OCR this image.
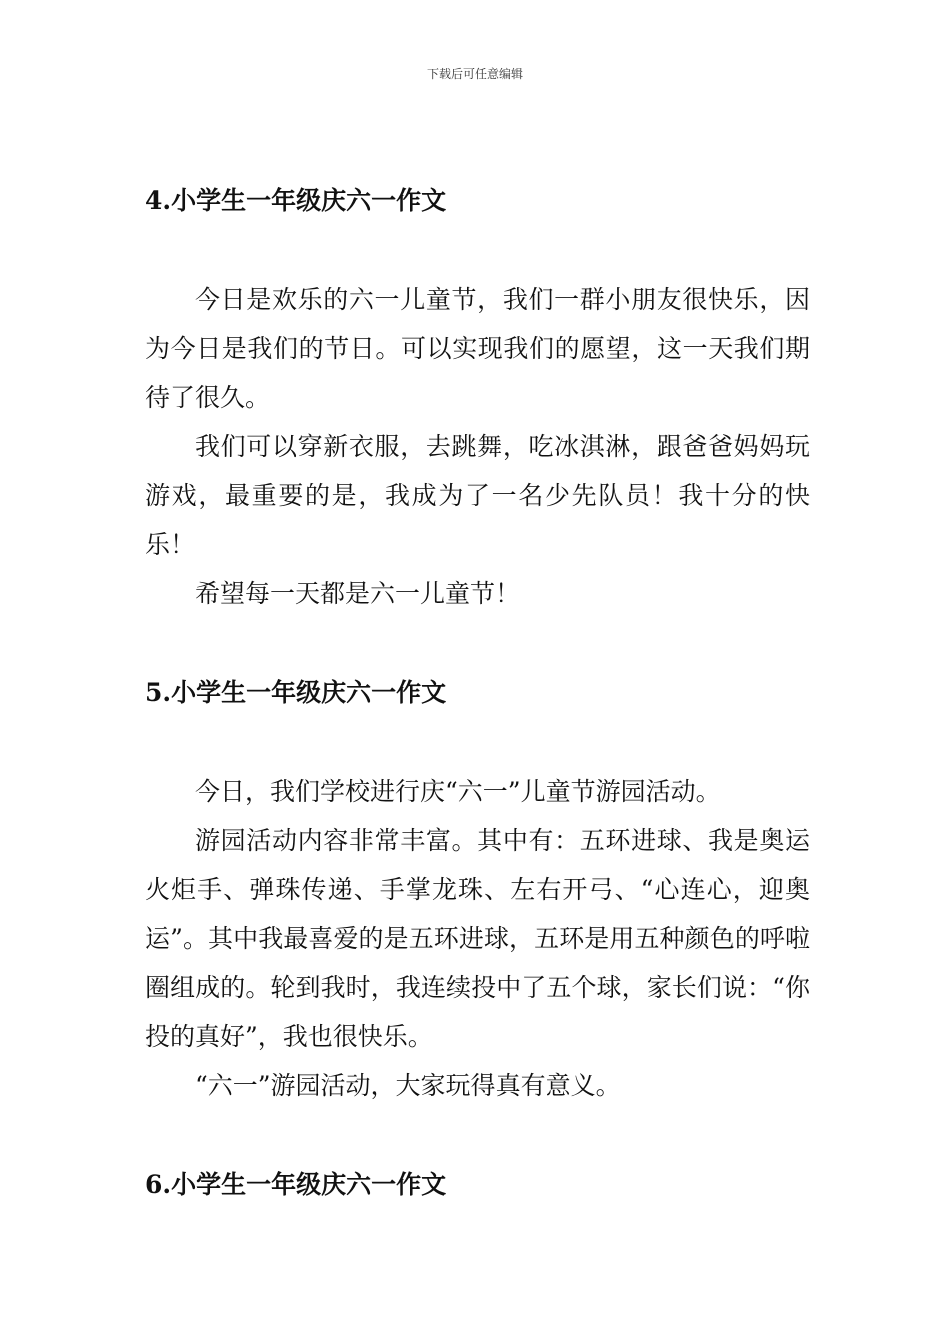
下载后可任意编辑
4.小学生一年级庆六一作文

今日是欢乐的六一儿童节，我们一群小朋友很快乐，因为今日是我们的节日。可以实现我们的愿望，这一天我们期待了很久。

我们可以穿新衣服，去跳舞，吃冰淇淋，跟爸爸妈妈玩游戏，最重要的是，我成为了一名少先队员！我十分的快乐！

希望每一天都是六一儿童节！

5.小学生一年级庆六一作文

今日，我们学校进行庆“六一”儿童节游园活动。

游园活动内容非常丰富。其中有：五环进球、我是奥运火炬手、弹珠传递、手掌龙珠、左右开弓、“心连心，迎奥运”。其中我最喜爱的是五环进球，五环是用五种颜色的呼啦圈组成的。轮到我时，我连续投中了五个球，家长们说：“你投的真好”，我也很快乐。

“六一”游园活动，大家玩得真有意义。

6.小学生一年级庆六一作文
